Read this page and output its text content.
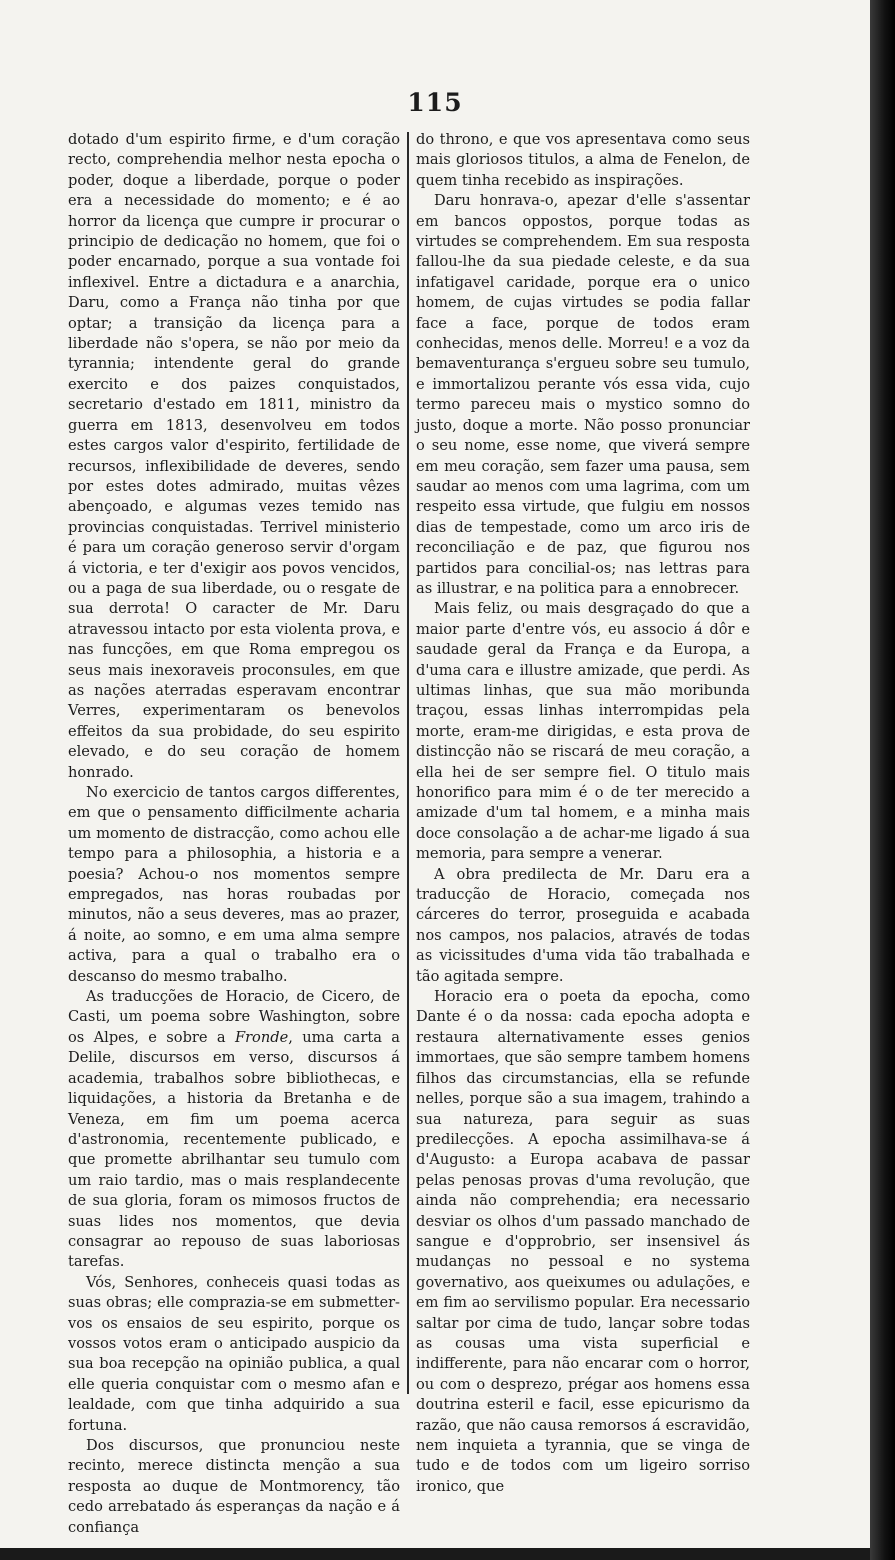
115

dotado d'um espirito firme, e d'um coração recto, comprehendia melhor nesta epocha o poder, doque a liberdade, porque o poder era a necessidade do momento; e é ao horror da licença que cumpre ir procurar o principio de dedicação no homem, que foi o poder encarnado, porque a sua vontade foi inflexivel. Entre a dictadura e a anarchia, Daru, como a França não tinha por que optar; a transição da licença para a liberdade não s'opera, se não por meio da tyrannia; intendente geral do grande exercito e dos paizes conquistados, secretario d'estado em 1811, ministro da guerra em 1813, desenvolveu em todos estes cargos valor d'espirito, fertilidade de recursos, inflexibilidade de deveres, sendo por estes dotes admirado, muitas vêzes abençoado, e algumas vezes temido nas provincias conquistadas. Terrivel ministerio é para um coração generoso servir d'orgam á victoria, e ter d'exigir aos povos vencidos, ou a paga de sua liberdade, ou o resgate de sua derrota! O caracter de Mr. Daru atravessou intacto por esta violenta prova, e nas funcções, em que Roma empregou os seus mais inexoraveis proconsules, em que as nações aterradas esperavam encontrar Verres, experimentaram os benevolos effeitos da sua probidade, do seu espirito elevado, e do seu coração de homem honrado.

No exercicio de tantos cargos differentes, em que o pensamento difficilmente acharia um momento de distracção, como achou elle tempo para a philosophia, a historia e a poesia? Achou-o nos momentos sempre empregados, nas horas roubadas por minutos, não a seus deveres, mas ao prazer, á noite, ao somno, e em uma alma sempre activa, para a qual o trabalho era o descanso do mesmo trabalho.

As traducções de Horacio, de Cicero, de Casti, um poema sobre Washington, sobre os Alpes, e sobre a Fronde, uma carta a Delile, discursos em verso, discursos á academia, trabalhos sobre bibliothecas, e liquidações, a historia da Bretanha e de Veneza, em fim um poema acerca d'astronomia, recentemente publicado, e que promette abrilhantar seu tumulo com um raio tardio, mas o mais resplandecente de sua gloria, foram os mimosos fructos de suas lides nos momentos, que devia consagrar ao repouso de suas laboriosas tarefas.

Vós, Senhores, conheceis quasi todas as suas obras; elle comprazia-se em submetter-vos os ensaios de seu espirito, porque os vossos votos eram o anticipado auspicio da sua boa recepção na opinião publica, a qual elle queria conquistar com o mesmo afan e lealdade, com que tinha adquirido a sua fortuna.

Dos discursos, que pronunciou neste recinto, merece distincta menção a sua resposta ao duque de Montmorency, tão cedo arrebatado ás esperanças da nação e á confiança

do throno, e que vos apresentava como seus mais gloriosos titulos, a alma de Fenelon, de quem tinha recebido as inspirações.

Daru honrava-o, apezar d'elle s'assentar em bancos oppostos, porque todas as virtudes se comprehendem. Em sua resposta fallou-lhe da sua piedade celeste, e da sua infatigavel caridade, porque era o unico homem, de cujas virtudes se podia fallar face a face, porque de todos eram conhecidas, menos delle. Morreu! e a voz da bemaventurança s'ergueu sobre seu tumulo, e immortalizou perante vós essa vida, cujo termo pareceu mais o mystico somno do justo, doque a morte. Não posso pronunciar o seu nome, esse nome, que viverá sempre em meu coração, sem fazer uma pausa, sem saudar ao menos com uma lagrima, com um respeito essa virtude, que fulgiu em nossos dias de tempestade, como um arco iris de reconciliação e de paz, que figurou nos partidos para concilial-os; nas lettras para as illustrar, e na politica para a ennobrecer.

Mais feliz, ou mais desgraçado do que a maior parte d'entre vós, eu associo á dôr e saudade geral da França e da Europa, a d'uma cara e illustre amizade, que perdi. As ultimas linhas, que sua mão moribunda traçou, essas linhas interrompidas pela morte, eram-me dirigidas, e esta prova de distincção não se riscará de meu coração, a ella hei de ser sempre fiel. O titulo mais honorifico para mim é o de ter merecido a amizade d'um tal homem, e a minha mais doce consolação a de achar-me ligado á sua memoria, para sempre a venerar.

A obra predilecta de Mr. Daru era a traducção de Horacio, começada nos cárceres do terror, proseguida e acabada nos campos, nos palacios, através de todas as vicissitudes d'uma vida tão trabalhada e tão agitada sempre.

Horacio era o poeta da epocha, como Dante é o da nossa: cada epocha adopta e restaura alternativamente esses genios immortaes, que são sempre tambem homens filhos das circumstancias, ella se refunde nelles, porque são a sua imagem, trahindo a sua natureza, para seguir as suas predilecções. A epocha assimilhava-se á d'Augusto: a Europa acabava de passar pelas penosas provas d'uma revolução, que ainda não comprehendia; era necessario desviar os olhos d'um passado manchado de sangue e d'opprobrio, ser insensivel ás mudanças no pessoal e no systema governativo, aos queixumes ou adulações, e em fim ao servilismo popular. Era necessario saltar por cima de tudo, lançar sobre todas as cousas uma vista superficial e indifferente, para não encarar com o horror, ou com o desprezo, prégar aos homens essa doutrina esteril e facil, esse epicurismo da razão, que não causa remorsos á escravidão, nem inquieta a tyrannia, que se vinga de tudo e de todos com um ligeiro sorriso ironico, que
